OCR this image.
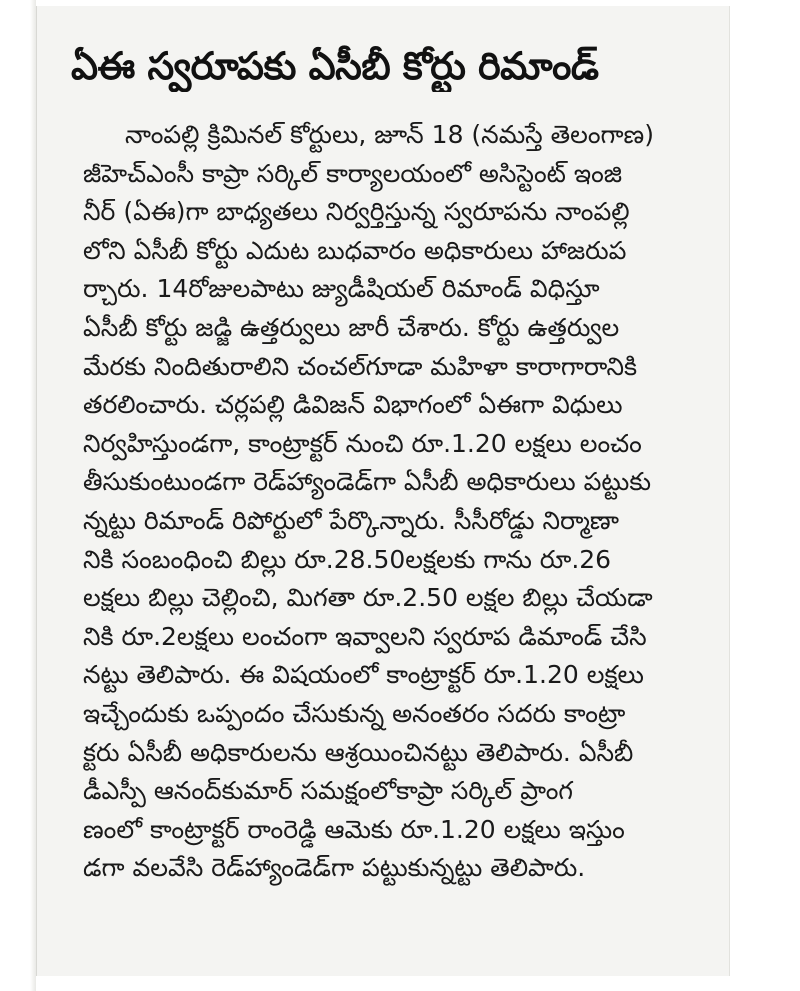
ఏఈ స్వరూపకు ఏసీబీ కోర్టు రిమాండ్
నాంపల్లి క్రిమినల్ కోర్టులు, జూన్ 18 (నమస్తే తెలంగాణ)
జీహెచ్ఎంసీ కాప్రా సర్కిల్ కార్యాలయంలో అసిస్టెంట్ ఇంజి
నీర్ (ఏఈ)గా బాధ్యతలు నిర్వర్తిస్తున్న స్వరూపను నాంపల్లి
లోని ఏసీబీ కోర్టు ఎదుట బుధవారం అధికారులు హాజరుప
ర్చారు. 14రోజులపాటు జ్యుడీషియల్ రిమాండ్ విధిస్తూ
ఏసీబీ కోర్టు జడ్జి ఉత్తర్వులు జారీ చేశారు. కోర్టు ఉత్తర్వుల
మేరకు నిందితురాలిని చంచల్‌గూడా మహిళా కారాగారానికి
తరలించారు. చర్లపల్లి డివిజన్ విభాగంలో ఏఈగా విధులు
నిర్వహిస్తుండగా, కాంట్రాక్టర్ నుంచి రూ.1.20 లక్షలు లంచం
తీసుకుంటుండగా రెడ్‌హ్యాండెడ్‌గా ఏసీబీ అధికారులు పట్టుకు
న్నట్టు రిమాండ్ రిపోర్టులో పేర్కొన్నారు. సీసీరోడ్డు నిర్మాణా
నికి సంబంధించి బిల్లు రూ.28.50లక్షలకు గాను రూ.26
లక్షలు బిల్లు చెల్లించి, మిగతా రూ.2.50 లక్షల బిల్లు చేయడా
నికి రూ.2లక్షలు లంచంగా ఇవ్వాలని స్వరూప డిమాండ్ చేసి
నట్టు తెలిపారు. ఈ విషయంలో కాంట్రాక్టర్ రూ.1.20 లక్షలు
ఇచ్చేందుకు ఒప్పందం చేసుకున్న అనంతరం సదరు కాంట్రా
క్టరు ఏసీబీ అధికారులను ఆశ్రయించినట్టు తెలిపారు. ఏసీబీ
డీఎస్పీ ఆనంద్‌కుమార్ సమక్షంలోకాప్రా సర్కిల్ ప్రాంగ
ణంలో కాంట్రాక్టర్ రాంరెడ్డి ఆమెకు రూ.1.20 లక్షలు ఇస్తుం
డగా వలవేసి రెడ్‌హ్యాండెడ్‌గా పట్టుకున్నట్టు తెలిపారు.
